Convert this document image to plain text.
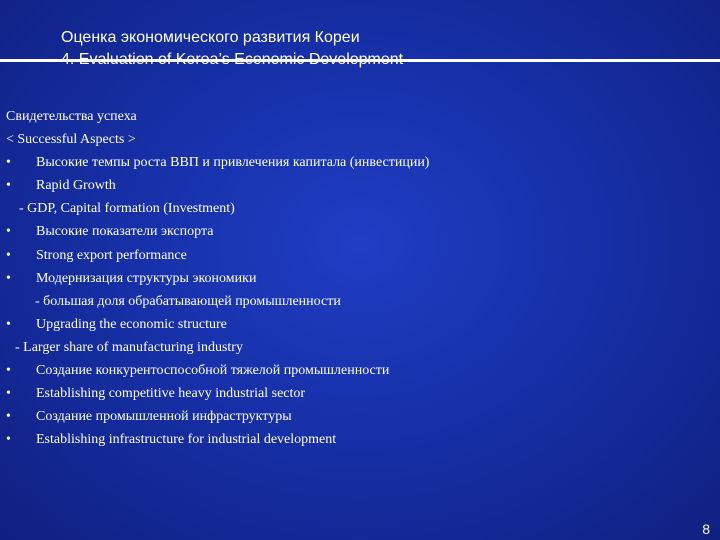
Оценка экономического развития Кореи
Свидетельства успеха
< Successful Aspects >
•	Высокие темпы роста ВВП и привлечения капитала (инвестиции)
•	Rapid Growth
- GDP, Capital formation (Investment)
•	Высокие показатели экспорта
•	Strong export performance
•	Модернизация структуры экономики
- большая доля обрабатывающей промышленности
•	Upgrading the economic structure
- Larger share of manufacturing industry
•	Создание конкурентоспособной тяжелой промышленности
•	Establishing competitive heavy industrial sector
•	Создание промышленной инфраструктуры
•	Establishing infrastructure for industrial development
8
